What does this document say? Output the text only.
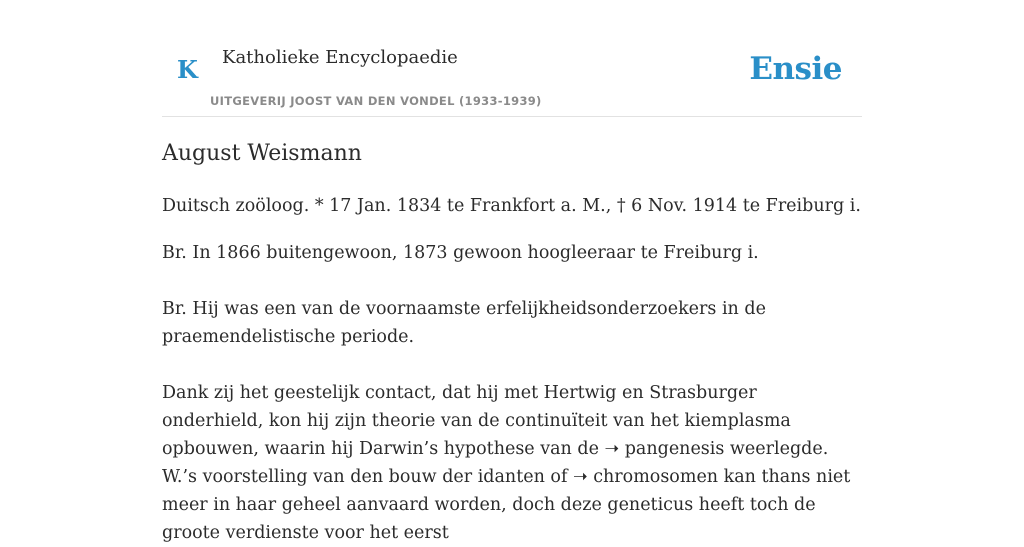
K Katholieke Encyclopaedie
UITGEVERIJ JOOST VAN DEN VONDEL (1933-1939)
Ensie
August Weismann

Duitsch zoöloog. * 17 Jan. 1834 te Frankfort a. M., † 6 Nov. 1914 te Freiburg i.

Br. In 1866 buitengewoon, 1873 gewoon hoogleeraar te Freiburg i.

Br. Hij was een van de voornaamste erfelijkheidsonderzoekers in de praemendelistische periode.

Dank zij het geestelijk contact, dat hij met Hertwig en Strasburger onderhield, kon hij zijn theorie van de continuïteit van het kiemplasma opbouwen, waarin hij Darwin’s hypothese van de ➝ pangenesis weerlegde. W.’s voorstelling van den bouw der idanten of ➝ chromosomen kan thans niet meer in haar geheel aanvaard worden, doch deze geneticus heeft toch de groote verdienste voor het eerst
